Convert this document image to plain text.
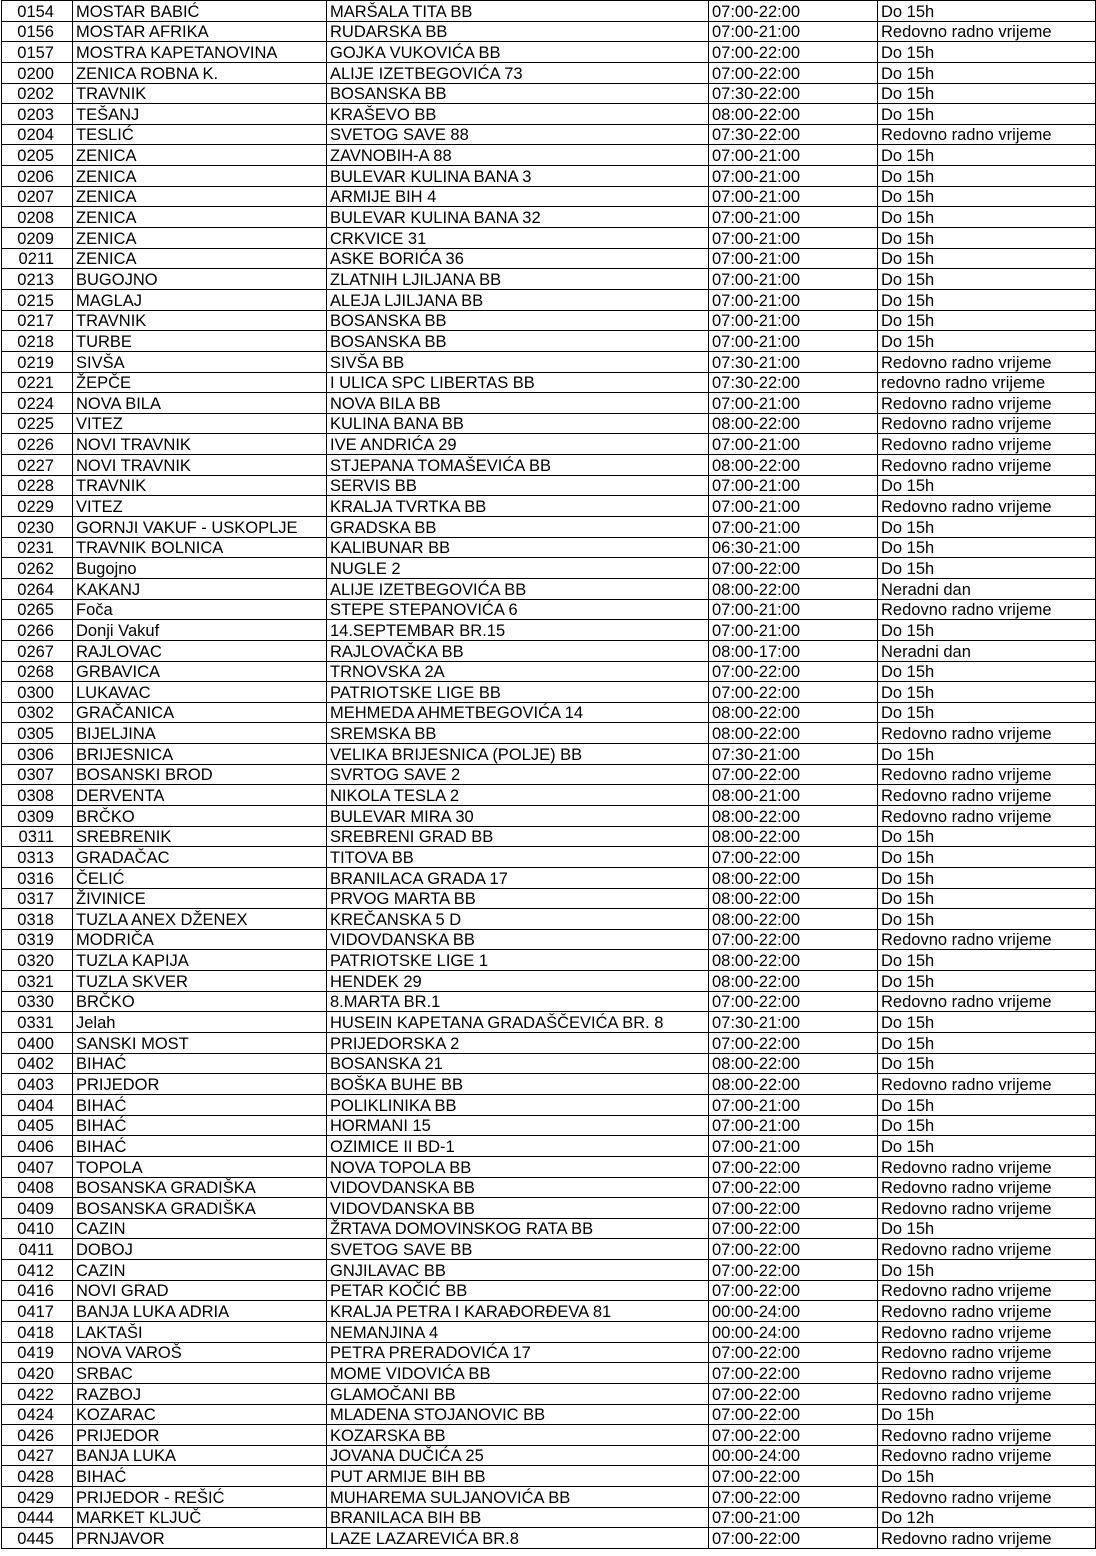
0154	MOSTAR BABIĆ	MARŠALA TITA BB	07:00-22:00	Do 15h
0156	MOSTAR AFRIKA	RUDARSKA BB	07:00-21:00	Redovno radno vrijeme
0157	MOSTRA KAPETANOVINA	GOJKA VUKOVIĆA BB	07:00-22:00	Do 15h
0200	ZENICA ROBNA K.	ALIJE IZETBEGOVIĆA 73	07:00-22:00	Do 15h
0202	TRAVNIK	BOSANSKA BB	07:30-22:00	Do 15h
0203	TEŠANJ	KRAŠEVO BB	08:00-22:00	Do 15h
0204	TESLIĆ	SVETOG SAVE 88	07:30-22:00	Redovno radno vrijeme
0205	ZENICA	ZAVNOBIH-A 88	07:00-21:00	Do 15h
0206	ZENICA	BULEVAR KULINA BANA 3	07:00-21:00	Do 15h
0207	ZENICA	ARMIJE BIH 4	07:00-21:00	Do 15h
0208	ZENICA	BULEVAR KULINA BANA 32	07:00-21:00	Do 15h
0209	ZENICA	CRKVICE 31	07:00-21:00	Do 15h
0211	ZENICA	ASKE BORIĆA 36	07:00-21:00	Do 15h
0213	BUGOJNO	ZLATNIH LJILJANA BB	07:00-21:00	Do 15h
0215	MAGLAJ	ALEJA LJILJANA BB	07:00-21:00	Do 15h
0217	TRAVNIK	BOSANSKA BB	07:00-21:00	Do 15h
0218	TURBE	BOSANSKA BB	07:00-21:00	Do 15h
0219	SIVŠA	SIVŠA BB	07:30-21:00	Redovno radno vrijeme
0221	ŽEPČE	I ULICA SPC LIBERTAS BB	07:30-22:00	redovno radno vrijeme
0224	NOVA BILA	NOVA BILA BB	07:00-21:00	Redovno radno vrijeme
0225	VITEZ	KULINA BANA BB	08:00-22:00	Redovno radno vrijeme
0226	NOVI TRAVNIK	IVE ANDRIĆA 29	07:00-21:00	Redovno radno vrijeme
0227	NOVI TRAVNIK	STJEPANA TOMAŠEVIĆA BB	08:00-22:00	Redovno radno vrijeme
0228	TRAVNIK	SERVIS BB	07:00-21:00	Do 15h
0229	VITEZ	KRALJA TVRTKA BB	07:00-21:00	Redovno radno vrijeme
0230	GORNJI VAKUF - USKOPLJE	GRADSKA BB	07:00-21:00	Do 15h
0231	TRAVNIK BOLNICA	KALIBUNAR BB	06:30-21:00	Do 15h
0262	Bugojno	NUGLE 2	07:00-22:00	Do 15h
0264	KAKANJ	ALIJE IZETBEGOVIĆA BB	08:00-22:00	Neradni dan
0265	Foča	STEPE STEPANOVIĆA 6	07:00-21:00	Redovno radno vrijeme
0266	Donji Vakuf	14.SEPTEMBAR BR.15	07:00-21:00	Do 15h
0267	RAJLOVAC	RAJLOVAČKA BB	08:00-17:00	Neradni dan
0268	GRBAVICA	TRNOVSKA 2A	07:00-22:00	Do 15h
0300	LUKAVAC	PATRIOTSKE LIGE BB	07:00-22:00	Do 15h
0302	GRAČANICA	MEHMEDA AHMETBEGOVIĆA 14	08:00-22:00	Do 15h
0305	BIJELJINA	SREMSKA BB	08:00-22:00	Redovno radno vrijeme
0306	BRIJESNICA	VELIKA BRIJESNICA (POLJE) BB	07:30-21:00	Do 15h
0307	BOSANSKI BROD	SVRTOG SAVE 2	07:00-22:00	Redovno radno vrijeme
0308	DERVENTA	NIKOLA TESLA 2	08:00-21:00	Redovno radno vrijeme
0309	BRČKO	BULEVAR MIRA 30	08:00-22:00	Redovno radno vrijeme
0311	SREBRENIK	SREBRENI GRAD BB	08:00-22:00	Do 15h
0313	GRADAČAC	TITOVA BB	07:00-22:00	Do 15h
0316	ČELIĆ	BRANILACA GRADA 17	08:00-22:00	Do 15h
0317	ŽIVINICE	PRVOG MARTA BB	08:00-22:00	Do 15h
0318	TUZLA ANEX DŽENEX	KREČANSKA 5 D	08:00-22:00	Do 15h
0319	MODRIČA	VIDOVDANSKA BB	07:00-22:00	Redovno radno vrijeme
0320	TUZLA KAPIJA	PATRIOTSKE LIGE 1	08:00-22:00	Do 15h
0321	TUZLA SKVER	HENDEK 29	08:00-22:00	Do 15h
0330	BRČKO	8.MARTA BR.1	07:00-22:00	Redovno radno vrijeme
0331	Jelah	HUSEIN KAPETANA GRADAŠČEVIĆA BR. 8	07:30-21:00	Do 15h
0400	SANSKI MOST	PRIJEDORSKA 2	07:00-22:00	Do 15h
0402	BIHAĆ	BOSANSKA 21	08:00-22:00	Do 15h
0403	PRIJEDOR	BOŠKA BUHE BB	08:00-22:00	Redovno radno vrijeme
0404	BIHAĆ	POLIKLINIKA BB	07:00-21:00	Do 15h
0405	BIHAĆ	HORMANI 15	07:00-21:00	Do 15h
0406	BIHAĆ	OZIMICE II BD-1	07:00-21:00	Do 15h
0407	TOPOLA	NOVA TOPOLA BB	07:00-22:00	Redovno radno vrijeme
0408	BOSANSKA GRADIŠKA	VIDOVDANSKA BB	07:00-22:00	Redovno radno vrijeme
0409	BOSANSKA GRADIŠKA	VIDOVDANSKA BB	07:00-22:00	Redovno radno vrijeme
0410	CAZIN	ŽRTAVA DOMOVINSKOG RATA BB	07:00-22:00	Do 15h
0411	DOBOJ	SVETOG SAVE BB	07:00-22:00	Redovno radno vrijeme
0412	CAZIN	GNJILAVAC BB	07:00-22:00	Do 15h
0416	NOVI GRAD	PETAR KOČIĆ BB	07:00-22:00	Redovno radno vrijeme
0417	BANJA LUKA ADRIA	KRALJA PETRA I KARAĐORĐEVA 81	00:00-24:00	Redovno radno vrijeme
0418	LAKTAŠI	NEMANJINA 4	00:00-24:00	Redovno radno vrijeme
0419	NOVA VAROŠ	PETRA PRERADOVIĆA 17	07:00-22:00	Redovno radno vrijeme
0420	SRBAC	MOME VIDOVIĆA BB	07:00-22:00	Redovno radno vrijeme
0422	RAZBOJ	GLAMOČANI BB	07:00-22:00	Redovno radno vrijeme
0424	KOZARAC	MLADENA STOJANOVIC BB	07:00-22:00	Do 15h
0426	PRIJEDOR	KOZARSKA BB	07:00-22:00	Redovno radno vrijeme
0427	BANJA LUKA	JOVANA DUČIĆA 25	00:00-24:00	Redovno radno vrijeme
0428	BIHAĆ	PUT ARMIJE BIH BB	07:00-22:00	Do 15h
0429	PRIJEDOR - REŠIĆ	MUHAREMA SULJANOVIĆA BB	07:00-22:00	Redovno radno vrijeme
0444	MARKET KLJUČ	BRANILACA BIH BB	07:00-21:00	Do 12h
0445	PRNJAVOR	LAZE LAZAREVIĆA BR.8	07:00-22:00	Redovno radno vrijeme
